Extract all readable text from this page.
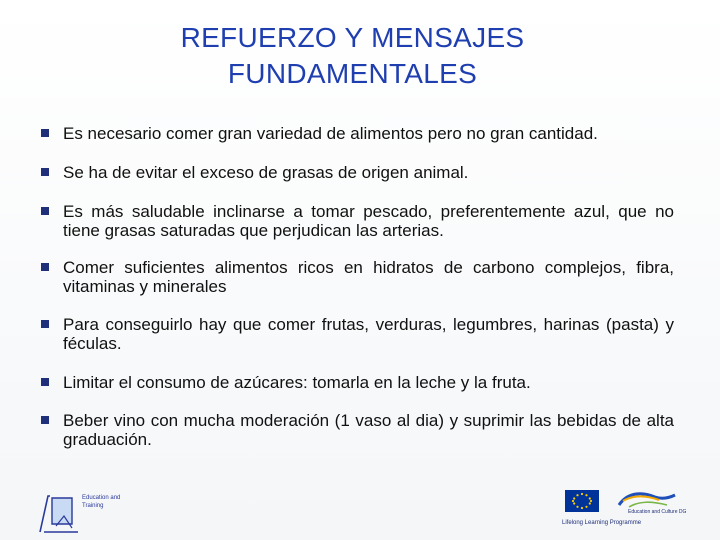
REFUERZO Y MENSAJES
FUNDAMENTALES
Es necesario comer gran variedad de alimentos pero no gran cantidad.
Se ha de evitar el exceso de grasas de origen animal.
Es más saludable inclinarse a tomar pescado, preferentemente azul, que no tiene grasas saturadas que perjudican las arterias.
Comer suficientes alimentos ricos en hidratos de carbono complejos, fibra, vitaminas y minerales
Para conseguirlo hay que comer frutas, verduras, legumbres, harinas (pasta) y féculas.
Limitar el consumo de azúcares: tomarla en la leche y la fruta.
Beber vino con mucha moderación (1 vaso al dia) y suprimir las bebidas de alta graduación.
Education and Training
Education and Culture DG
Lifelong Learning Programme
